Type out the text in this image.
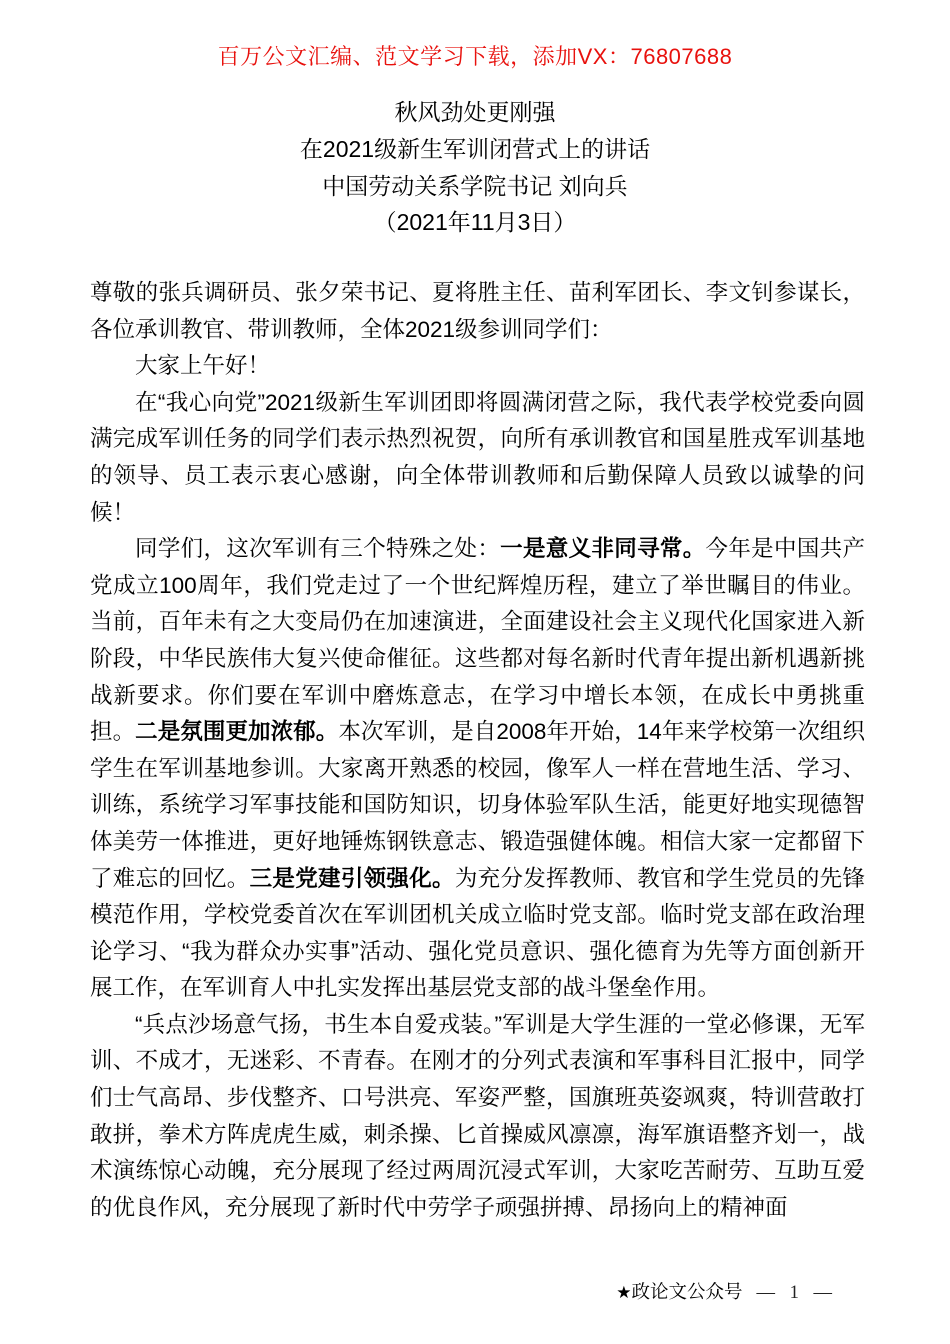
百万公文汇编、范文学习下载，添加VX：76807688
秋风劲处更刚强
在2021级新生军训闭营式上的讲话
中国劳动关系学院书记 刘向兵
（2021年11月3日）

尊敬的张兵调研员、张夕荣书记、夏将胜主任、苗利军团长、李文钊参谋长，各位承训教官、带训教师，全体2021级参训同学们：

大家上午好！

在“我心向党”2021级新生军训团即将圆满闭营之际，我代表学校党委向圆满完成军训任务的同学们表示热烈祝贺，向所有承训教官和国星胜戎军训基地的领导、员工表示衷心感谢，向全体带训教师和后勤保障人员致以诚挚的问候！

同学们，这次军训有三个特殊之处：一是意义非同寻常。今年是中国共产党成立100周年，我们党走过了一个世纪辉煌历程，建立了举世瞩目的伟业。当前，百年未有之大变局仍在加速演进，全面建设社会主义现代化国家进入新阶段，中华民族伟大复兴使命催征。这些都对每名新时代青年提出新机遇新挑战新要求。你们要在军训中磨炼意志，在学习中增长本领，在成长中勇挑重担。二是氛围更加浓郁。本次军训，是自2008年开始，14年来学校第一次组织学生在军训基地参训。大家离开熟悉的校园，像军人一样在营地生活、学习、训练，系统学习军事技能和国防知识，切身体验军队生活，能更好地实现德智体美劳一体推进，更好地锤炼钢铁意志、锻造强健体魄。相信大家一定都留下了难忘的回忆。三是党建引领强化。为充分发挥教师、教官和学生党员的先锋模范作用，学校党委首次在军训团机关成立临时党支部。临时党支部在政治理论学习、“我为群众办实事”活动、强化党员意识、强化德育为先等方面创新开展工作，在军训育人中扎实发挥出基层党支部的战斗堡垒作用。

“兵点沙场意气扬，书生本自爱戎装。”军训是大学生涯的一堂必修课，无军训、不成才，无迷彩、不青春。在刚才的分列式表演和军事科目汇报中，同学们士气高昂、步伐整齐、口号洪亮、军姿严整，国旗班英姿飒爽，特训营敢打敢拼，拳术方阵虎虎生威，刺杀操、匕首操威风凛凛，海军旗语整齐划一，战术演练惊心动魄，充分展现了经过两周沉浸式军训，大家吃苦耐劳、互助互爱的优良作风，充分展现了新时代中劳学子顽强拼搏、昂扬向上的精神面

★政论文公众号 — 1 —
